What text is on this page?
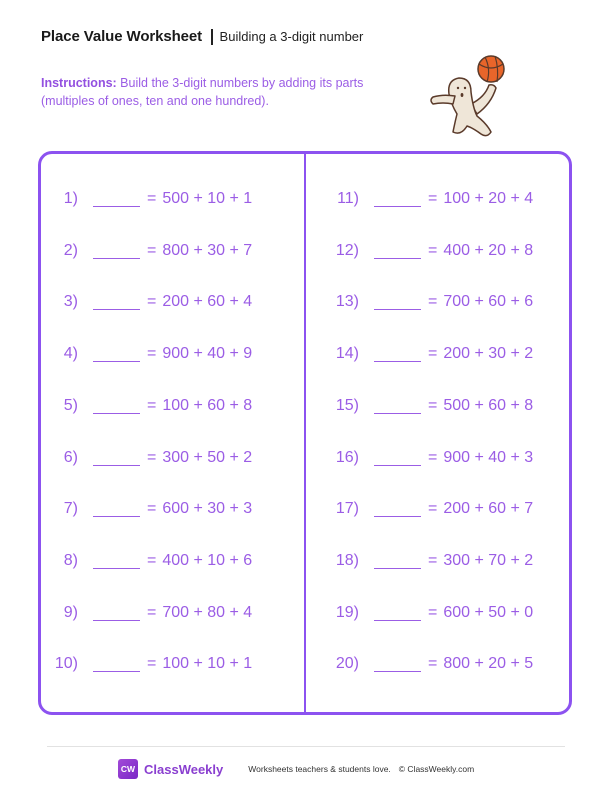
Place Value Worksheet Building a 3-digit number
Instructions: Build the 3-digit numbers by adding its parts (multiples of ones, ten and one hundred).
1)	= 500 + 10 + 1
2)	= 800 + 30 + 7
3)	= 200 + 60 + 4
4)	= 900 + 40 + 9
5)	= 100 + 60 + 8
6)	= 300 + 50 + 2
7)	= 600 + 30 + 3
8)	= 400 + 10 + 6
9)	= 700 + 80 + 4
10)	= 100 + 10 + 1
11)	= 100 + 20 + 4
12)	= 400 + 20 + 8
13)	= 700 + 60 + 6
14)	= 200 + 30 + 2
15)	= 500 + 60 + 8
16)	= 900 + 40 + 3
17)	= 200 + 60 + 7
18)	= 300 + 70 + 2
19)	= 600 + 50 + 0
20)	= 800 + 20 + 5
CW ClassWeekly	Worksheets teachers & students love. © ClassWeekly.com
